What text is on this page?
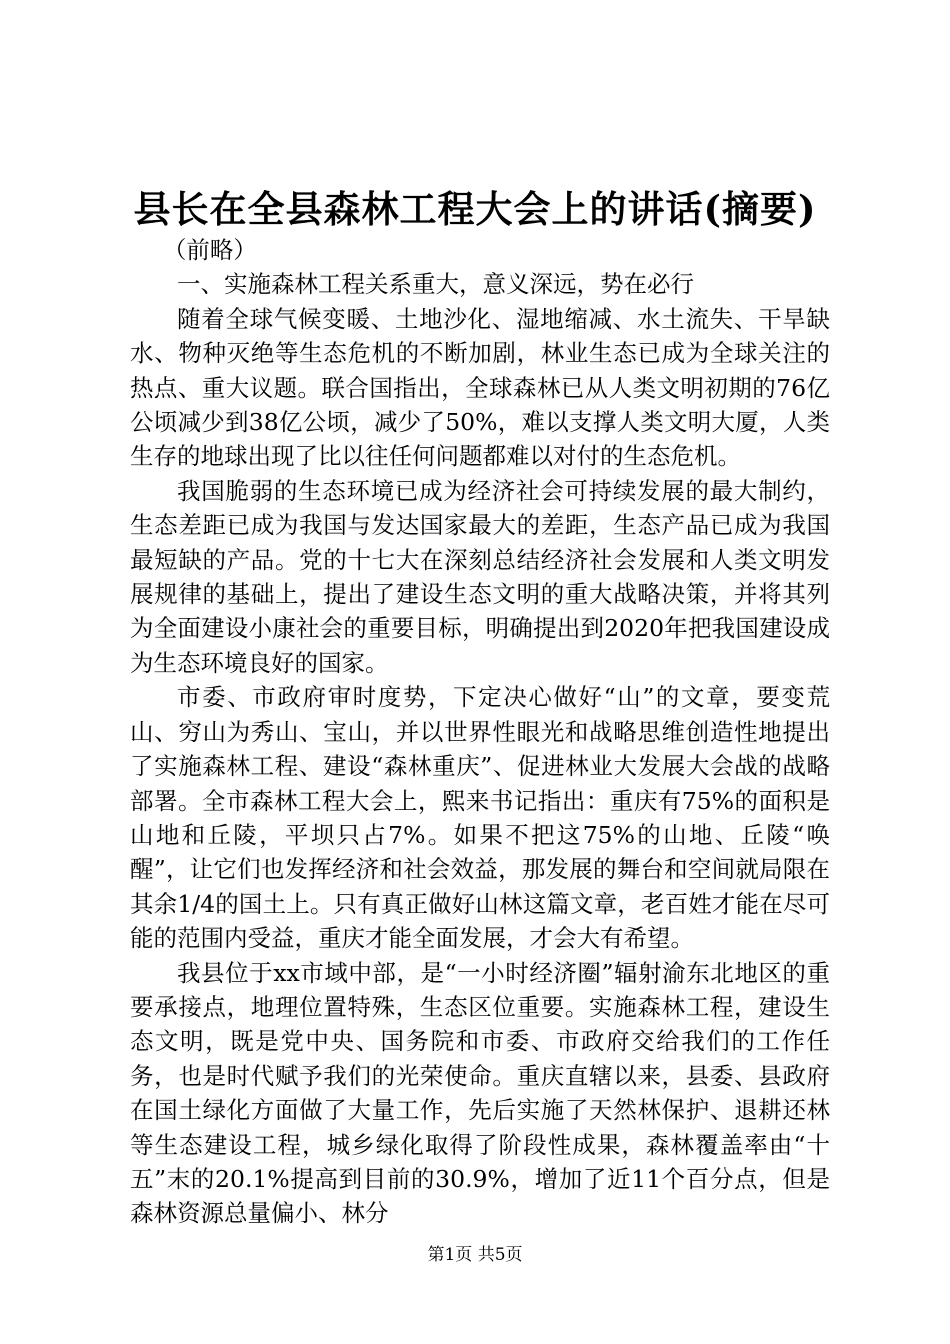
县长在全县森林工程大会上的讲话(摘要)

（前略）

一、实施森林工程关系重大，意义深远，势在必行

随着全球气候变暖、土地沙化、湿地缩减、水土流失、干旱缺水、物种灭绝等生态危机的不断加剧，林业生态已成为全球关注的热点、重大议题。联合国指出，全球森林已从人类文明初期的76亿公顷减少到38亿公顷，减少了50%，难以支撑人类文明大厦，人类生存的地球出现了比以往任何问题都难以对付的生态危机。

我国脆弱的生态环境已成为经济社会可持续发展的最大制约，生态差距已成为我国与发达国家最大的差距，生态产品已成为我国最短缺的产品。党的十七大在深刻总结经济社会发展和人类文明发展规律的基础上，提出了建设生态文明的重大战略决策，并将其列为全面建设小康社会的重要目标，明确提出到2020年把我国建设成为生态环境良好的国家。

市委、市政府审时度势，下定决心做好“山”的文章，要变荒山、穷山为秀山、宝山，并以世界性眼光和战略思维创造性地提出了实施森林工程、建设“森林重庆”、促进林业大发展大会战的战略部署。全市森林工程大会上，熙来书记指出：重庆有75%的面积是山地和丘陵，平坝只占7%。如果不把这75%的山地、丘陵“唤醒”，让它们也发挥经济和社会效益，那发展的舞台和空间就局限在其余1/4的国土上。只有真正做好山林这篇文章，老百姓才能在尽可能的范围内受益，重庆才能全面发展，才会大有希望。

我县位于xx市域中部，是“一小时经济圈”辐射渝东北地区的重要承接点，地理位置特殊，生态区位重要。实施森林工程，建设生态文明，既是党中央、国务院和市委、市政府交给我们的工作任务，也是时代赋予我们的光荣使命。重庆直辖以来，县委、县政府在国土绿化方面做了大量工作，先后实施了天然林保护、退耕还林等生态建设工程，城乡绿化取得了阶段性成果，森林覆盖率由“十五”末的20.1%提高到目前的30.9%，增加了近11个百分点，但是森林资源总量偏小、林分

第1页 共5页
